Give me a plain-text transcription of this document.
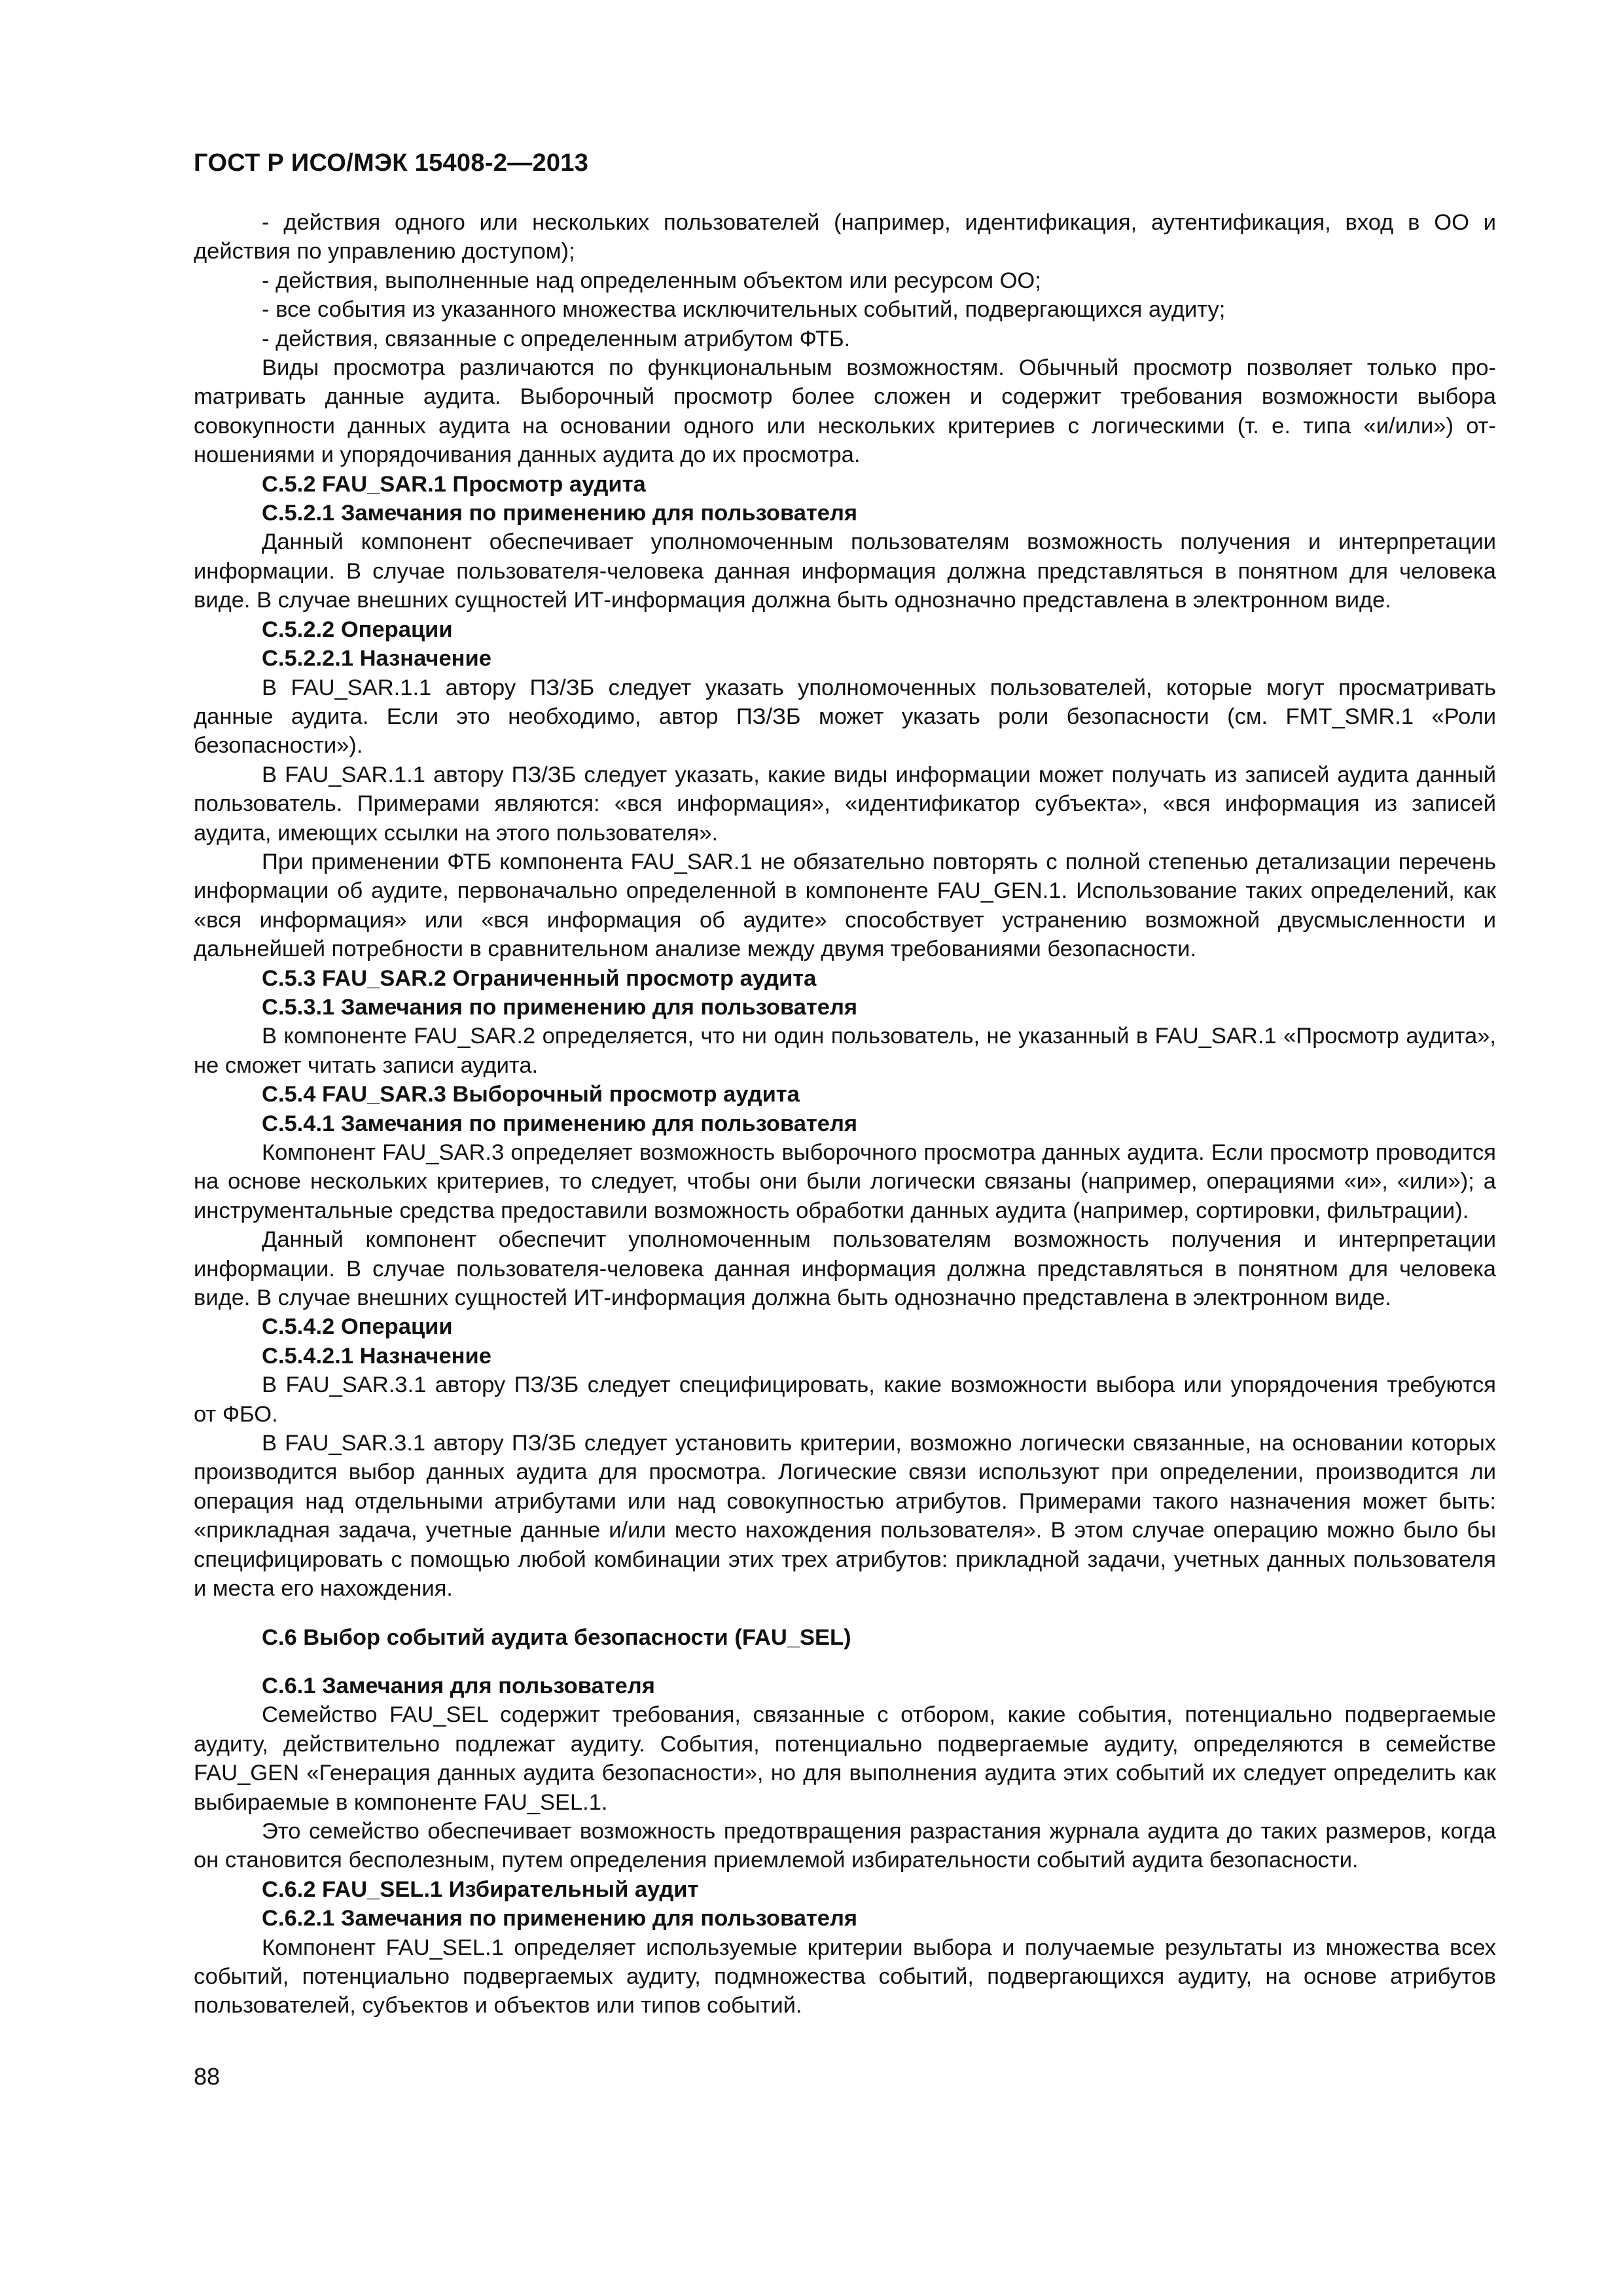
ГОСТ Р ИСО/МЭК 15408-2—2013

- действия одного или нескольких пользователей (например, идентификация, аутентификация, вход в ОО и действия по управлению доступом);

- действия, выполненные над определенным объектом или ресурсом ОО;

- все события из указанного множества исключительных событий, подвергающихся аудиту;

- действия, связанные с определенным атрибутом ФТБ.

Виды просмотра различаются по функциональным возможностям. Обычный просмотр позволяет только проmатривать данные аудита. Выборочный просмотр более сложен и содержит требования возможности выбора совокупности данных аудита на основании одного или нескольких критериев с логическими (т. е. типа «и/или») отношениями и упорядочивания данных аудита до их просмотра.

C.5.2 FAU_SAR.1 Просмотр аудита

C.5.2.1 Замечания по применению для пользователя

Данный компонент обеспечивает уполномоченным пользователям возможность получения и интерпретации информации. В случае пользователя-человека данная информация должна представляться в понятном для человека виде. В случае внешних сущностей ИТ-информация должна быть однозначно представлена в электронном виде.

C.5.2.2 Операции

C.5.2.2.1 Назначение

В FAU_SAR.1.1 автору ПЗ/ЗБ следует указать уполномоченных пользователей, которые могут просматривать данные аудита. Если это необходимо, автор ПЗ/ЗБ может указать роли безопасности (см. FMT_SMR.1 «Роли безопасности»).

В FAU_SAR.1.1 автору ПЗ/ЗБ следует указать, какие виды информации может получать из записей аудита данный пользователь. Примерами являются: «вся информация», «идентификатор субъекта», «вся информация из записей аудита, имеющих ссылки на этого пользователя».

При применении ФТБ компонента FAU_SAR.1 не обязательно повторять с полной степенью детализации перечень информации об аудите, первоначально определенной в компоненте FAU_GEN.1. Использование таких определений, как «вся информация» или «вся информация об аудите» способствует устранению возможной двусмысленности и дальнейшей потребности в сравнительном анализе между двумя требованиями безопасности.

C.5.3 FAU_SAR.2 Ограниченный просмотр аудита

C.5.3.1 Замечания по применению для пользователя

В компоненте FAU_SAR.2 определяется, что ни один пользователь, не указанный в FAU_SAR.1 «Просмотр аудита», не сможет читать записи аудита.

C.5.4 FAU_SAR.3 Выборочный просмотр аудита

C.5.4.1 Замечания по применению для пользователя

Компонент FAU_SAR.3 определяет возможность выборочного просмотра данных аудита. Если просмотр проводится на основе нескольких критериев, то следует, чтобы они были логически связаны (например, операциями «и», «или»); а инструментальные средства предоставили возможность обработки данных аудита (например, сортировки, фильтрации).

Данный компонент обеспечит уполномоченным пользователям возможность получения и интерпретации информации. В случае пользователя-человека данная информация должна представляться в понятном для человека виде. В случае внешних сущностей ИТ-информация должна быть однозначно представлена в электронном виде.

C.5.4.2 Операции

C.5.4.2.1 Назначение

В FAU_SAR.3.1 автору ПЗ/ЗБ следует специфицировать, какие возможности выбора или упорядочения требуются от ФБО.

В FAU_SAR.3.1 автору ПЗ/ЗБ следует установить критерии, возможно логически связанные, на основании которых производится выбор данных аудита для просмотра. Логические связи используют при определении, производится ли операция над отдельными атрибутами или над совокупностью атрибутов. Примерами такого назначения может быть: «прикладная задача, учетные данные и/или место нахождения пользователя». В этом случае операцию можно было бы специфицировать с помощью любой комбинации этих трех атрибутов: прикладной задачи, учетных данных пользователя и места его нахождения.

C.6 Выбор событий аудита безопасности (FAU_SEL)

C.6.1 Замечания для пользователя

Семейство FAU_SEL содержит требования, связанные с отбором, какие события, потенциально подвергаемые аудиту, действительно подлежат аудиту. События, потенциально подвергаемые аудиту, определяются в семействе FAU_GEN «Генерация данных аудита безопасности», но для выполнения аудита этих событий их следует определить как выбираемые в компоненте FAU_SEL.1.

Это семейство обеспечивает возможность предотвращения разрастания журнала аудита до таких размеров, когда он становится бесполезным, путем определения приемлемой избирательности событий аудита безопасности.

C.6.2 FAU_SEL.1 Избирательный аудит

C.6.2.1 Замечания по применению для пользователя

Компонент FAU_SEL.1 определяет используемые критерии выбора и получаемые результаты из множества всех событий, потенциально подвергаемых аудиту, подмножества событий, подвергающихся аудиту, на основе атрибутов пользователей, субъектов и объектов или типов событий.

88
